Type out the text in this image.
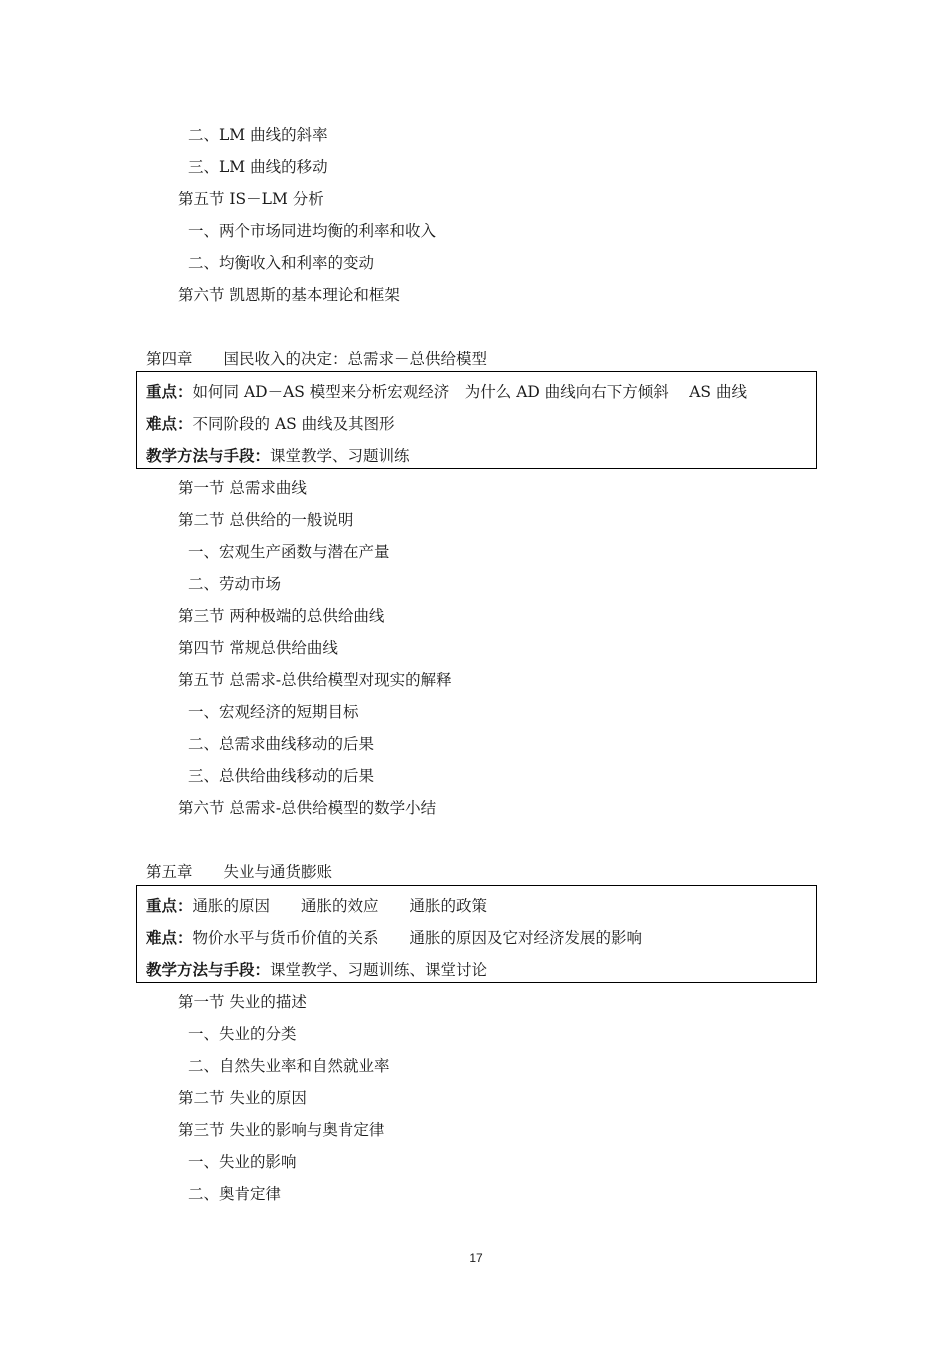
二、LM 曲线的斜率
三、LM 曲线的移动
第五节 IS－LM 分析
一、两个市场同进均衡的利率和收入
二、均衡收入和利率的变动
第六节 凯恩斯的基本理论和框架
第四章　　国民收入的决定：总需求－总供给模型
重点：如何同 AD－AS 模型来分析宏观经济　为什么 AD 曲线向右下方倾斜　 AS 曲线
难点：不同阶段的 AS 曲线及其图形
教学方法与手段：课堂教学、习题训练
第一节 总需求曲线
第二节 总供给的一般说明
一、宏观生产函数与潜在产量
二、劳动市场
第三节 两种极端的总供给曲线
第四节 常规总供给曲线
第五节 总需求-总供给模型对现实的解释
一、宏观经济的短期目标
二、总需求曲线移动的后果
三、总供给曲线移动的后果
第六节 总需求-总供给模型的数学小结
第五章　　失业与通货膨账
重点：通胀的原因　　通胀的效应　　通胀的政策
难点：物价水平与货币价值的关系　　通胀的原因及它对经济发展的影响
教学方法与手段：课堂教学、习题训练、课堂讨论
第一节 失业的描述
一、失业的分类
二、自然失业率和自然就业率
第二节 失业的原因
第三节 失业的影响与奥肯定律
一、失业的影响
二、奥肯定律
17
